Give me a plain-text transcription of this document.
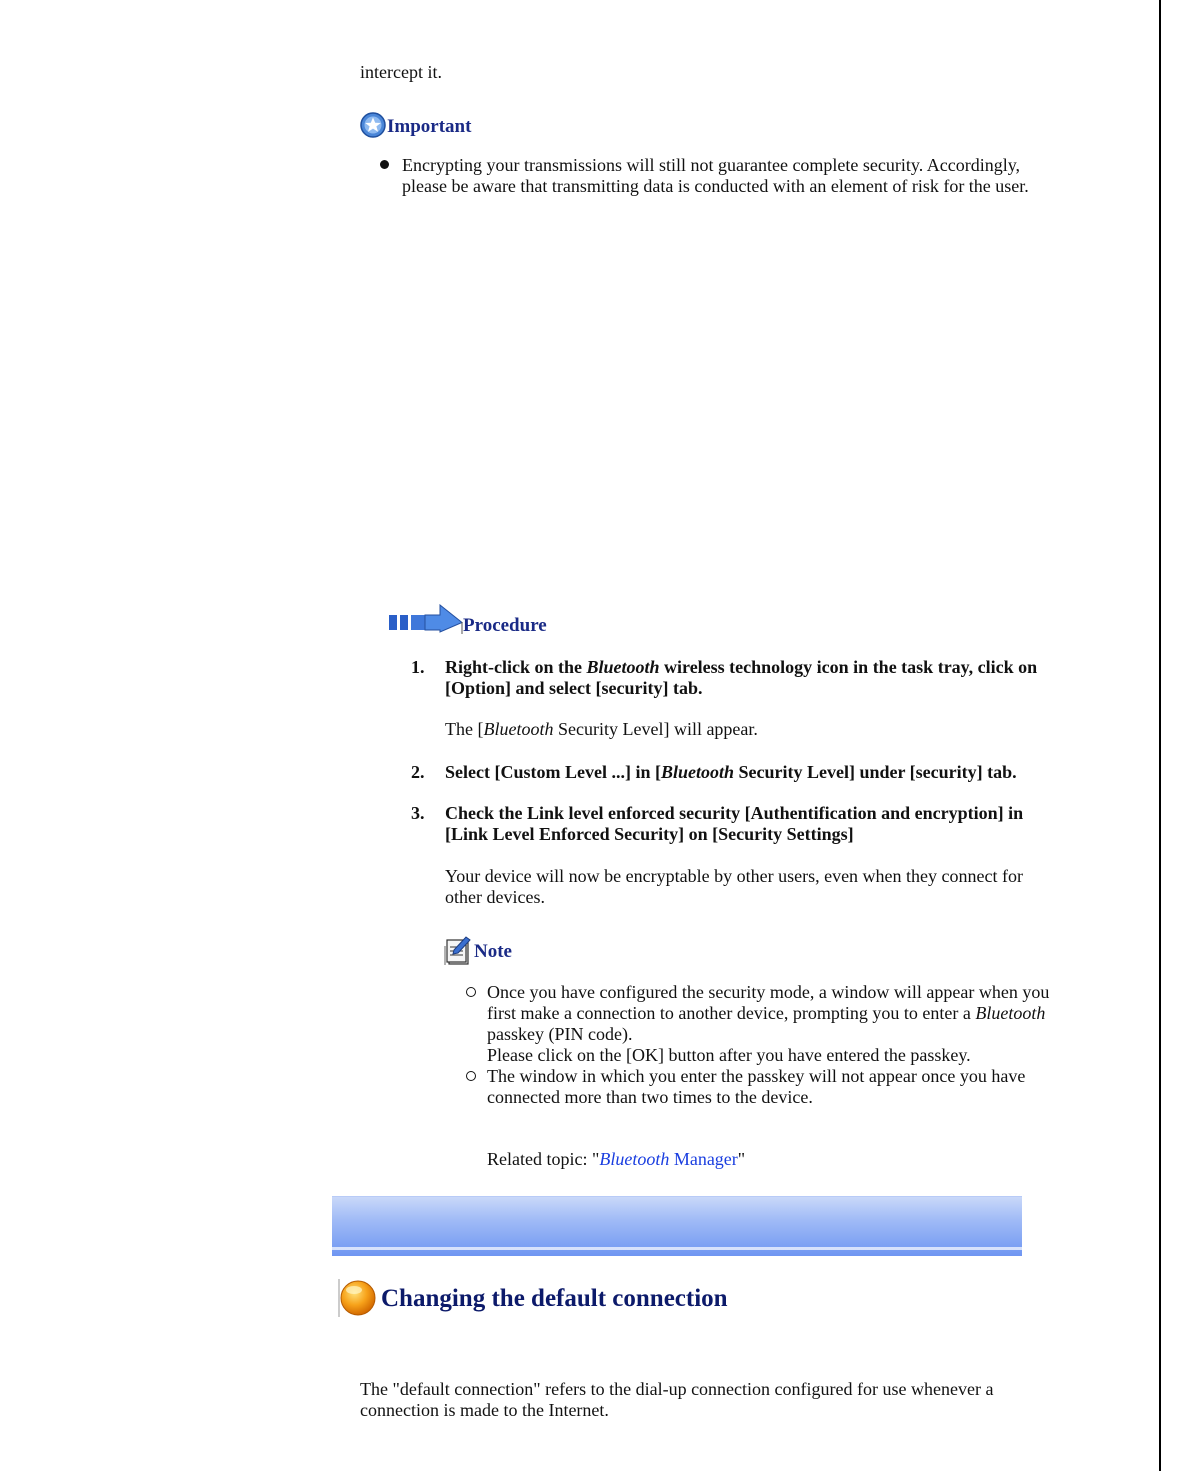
intercept it.

Important

Encrypting your transmissions will still not guarantee complete security. Accordingly,

please be aware that transmitting data is conducted with an element of risk for the user.

Procedure
1. Right-click on the Bluetooth wireless technology icon in the task tray, click on
[Option] and select [security] tab.

The [Bluetooth Security Level] will appear.

2. Select [Custom Level ...] in [Bluetooth Security Level] under [security] tab.
3. Check the Link level enforced security [Authentification and encryption] in
[Link Level Enforced Security] on [Security Settings]

Your device will now be encryptable by other users, even when they connect for

other devices.

Note

Once you have configured the security mode, a window will appear when you

first make a connection to another device, prompting you to enter a Bluetooth

passkey (PIN code).

Please click on the [OK] button after you have entered the passkey.

The window in which you enter the passkey will not appear once you have

connected more than two times to the device.

Related topic: "Bluetooth Manager"

Changing the default connection

The "default connection" refers to the dial-up connection configured for use whenever a

connection is made to the Internet.
